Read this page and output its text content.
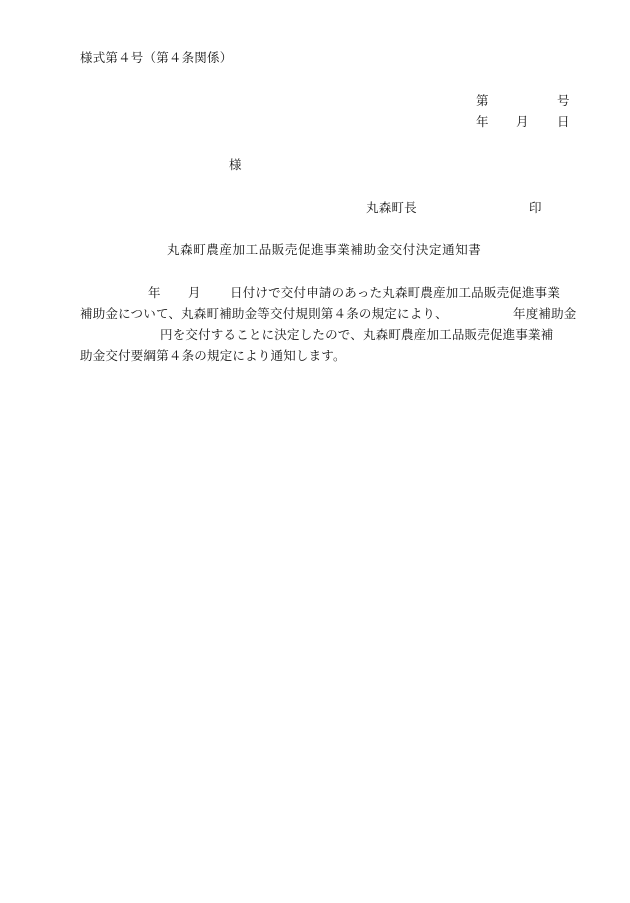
様式第４号（第４条関係）
第	号
年 月 日
様
丸森町長	印
丸森町農産加工品販売促進事業補助金交付決定通知書
年 月 日付けで交付申請のあった丸森町農産加工品販売促進事業
補助金について、丸森町補助金等交付規則第４条の規定により、	年度補助金
円を交付することに決定したので、丸森町農産加工品販売促進事業補
助金交付要綱第４条の規定により通知します。
